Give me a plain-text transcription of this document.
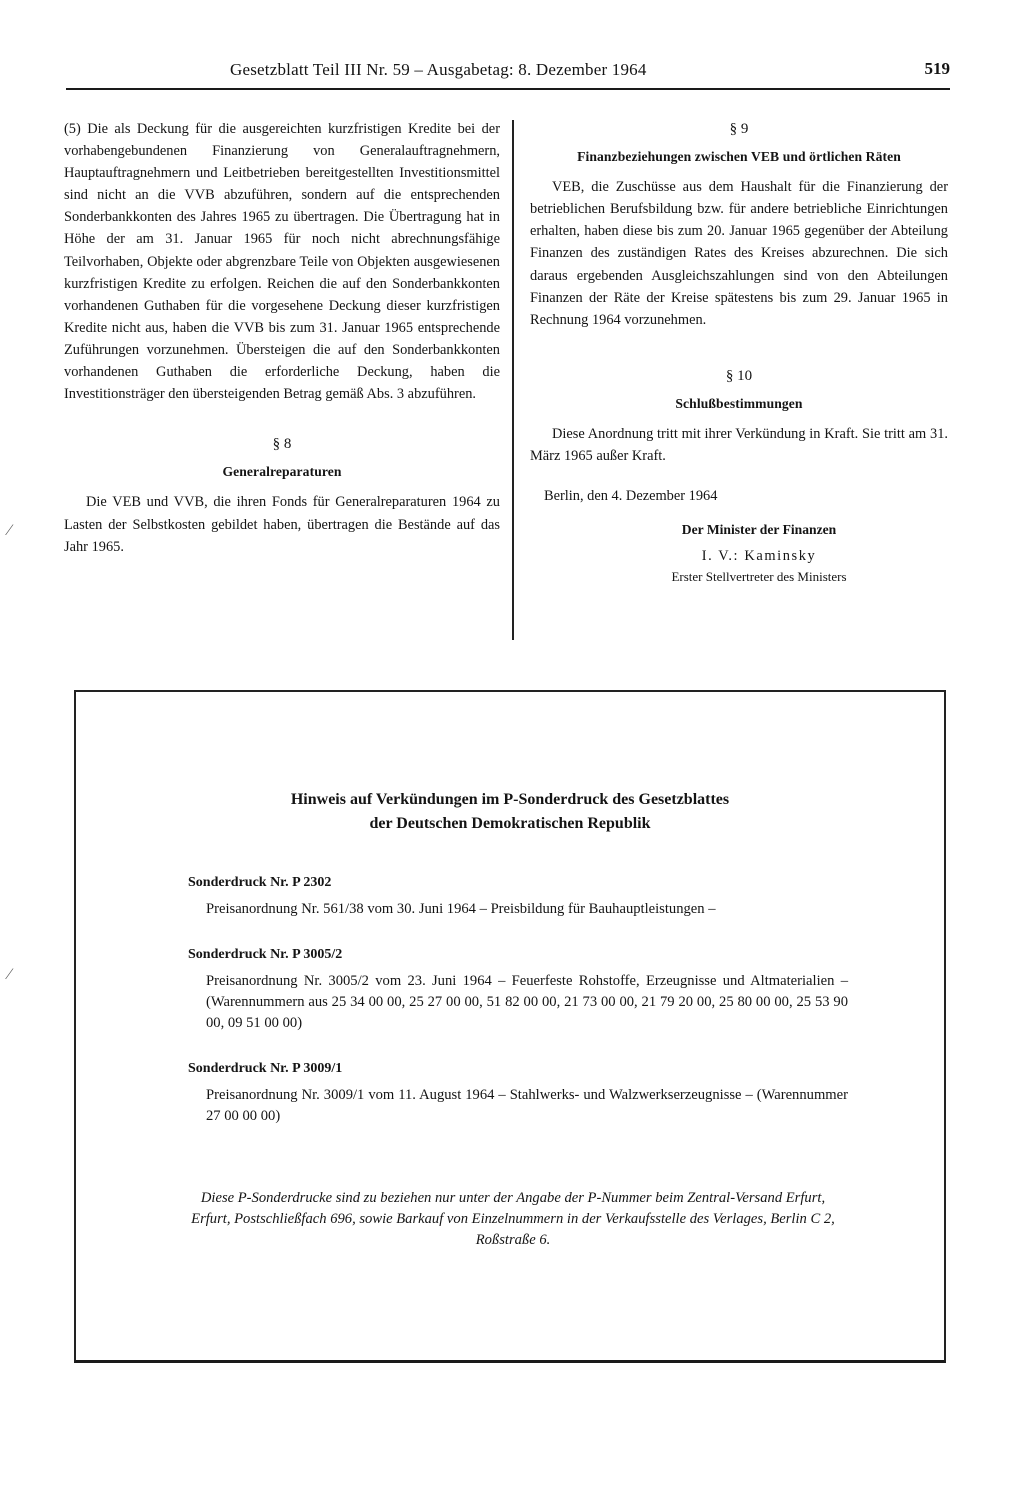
Gesetzblatt Teil III Nr. 59 – Ausgabetag: 8. Dezember 1964	519

(5) Die als Deckung für die ausgereichten kurzfristigen Kredite bei der vorhabengebundenen Finanzierung von Generalauftragnehmern, Hauptauftragnehmern und Leitbetrieben bereitgestellten Investitionsmittel sind nicht an die VVB abzuführen, sondern auf die entsprechenden Sonderbankkonten des Jahres 1965 zu übertragen. Die Übertragung hat in Höhe der am 31. Januar 1965 für noch nicht abrechnungsfähige Teilvorhaben, Objekte oder abgrenzbare Teile von Objekten ausgewiesenen kurzfristigen Kredite zu erfolgen. Reichen die auf den Sonderbankkonten vorhandenen Guthaben für die vorgesehene Deckung dieser kurzfristigen Kredite nicht aus, haben die VVB bis zum 31. Januar 1965 entsprechende Zuführungen vorzunehmen. Übersteigen die auf den Sonderbankkonten vorhandenen Guthaben die erforderliche Deckung, haben die Investitionsträger den übersteigenden Betrag gemäß Abs. 3 abzuführen.

§ 8

Generalreparaturen

Die VEB und VVB, die ihren Fonds für Generalreparaturen 1964 zu Lasten der Selbstkosten gebildet haben, übertragen die Bestände auf das Jahr 1965.

§ 9

Finanzbeziehungen zwischen VEB und örtlichen Räten

VEB, die Zuschüsse aus dem Haushalt für die Finanzierung der betrieblichen Berufsbildung bzw. für andere betriebliche Einrichtungen erhalten, haben diese bis zum 20. Januar 1965 gegenüber der Abteilung Finanzen des zuständigen Rates des Kreises abzurechnen. Die sich daraus ergebenden Ausgleichszahlungen sind von den Abteilungen Finanzen der Räte der Kreise spätestens bis zum 29. Januar 1965 in Rechnung 1964 vorzunehmen.

§ 10

Schlußbestimmungen

Diese Anordnung tritt mit ihrer Verkündung in Kraft. Sie tritt am 31. März 1965 außer Kraft.

Berlin, den 4. Dezember 1964

Der Minister der Finanzen

I. V.: Kaminsky

Erster Stellvertreter des Ministers

Hinweis auf Verkündungen im P-Sonderdruck des Gesetzblattes
der Deutschen Demokratischen Republik
Sonderdruck Nr. P 2302
Preisanordnung Nr. 561/38 vom 30. Juni 1964 – Preisbildung für Bauhauptleistungen –
Sonderdruck Nr. P 3005/2
Preisanordnung Nr. 3005/2 vom 23. Juni 1964 – Feuerfeste Rohstoffe, Erzeugnisse und Altmaterialien – (Warennummern aus 25 34 00 00, 25 27 00 00, 51 82 00 00, 21 73 00 00, 21 79 20 00, 25 80 00 00, 25 53 90 00, 09 51 00 00)
Sonderdruck Nr. P 3009/1
Preisanordnung Nr. 3009/1 vom 11. August 1964 – Stahlwerks- und Walzwerkserzeugnisse – (Warennummer 27 00 00 00)
Diese P-Sonderdrucke sind zu beziehen nur unter der Angabe der P-Nummer beim Zentral-Versand Erfurt, Erfurt, Postschließfach 696, sowie Barkauf von Einzelnummern in der Verkaufsstelle des Verlages, Berlin C 2, Roßstraße 6.
⁄
⁄
